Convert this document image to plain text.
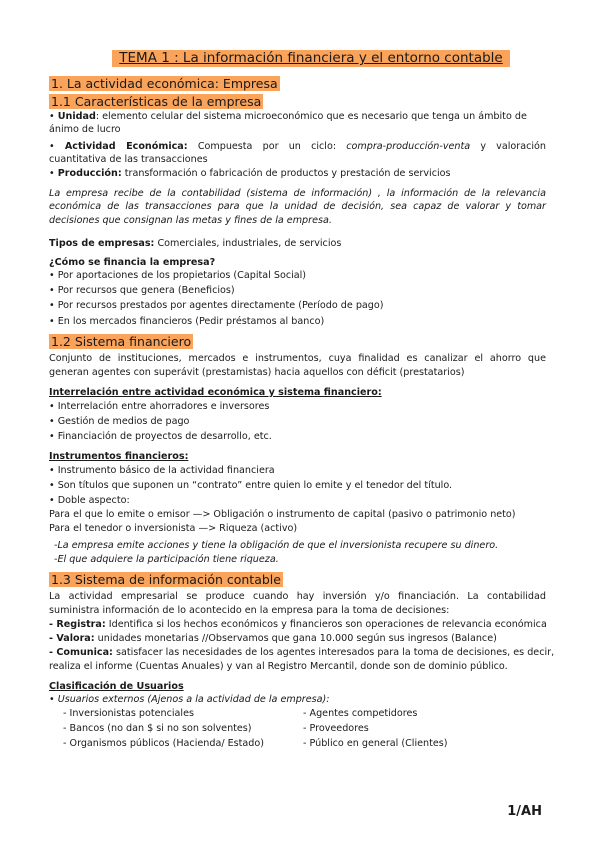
TEMA 1 : La información financiera y el entorno contable
1. La actividad económica: Empresa
1.1 Características de la empresa
• Unidad: elemento celular del sistema microeconómico que es necesario que tenga un ámbito de
ánimo de lucro
• Actividad Económica: Compuesta por un ciclo: compra-producción-venta y valoración
cuantitativa de las transacciones
• Producción: transformación o fabricación de productos y prestación de servicios
La empresa recibe de la contabilidad (sistema de información) , la información de la relevancia
económica de las transacciones para que la unidad de decisión, sea capaz de valorar y tomar
decisiones que consignan las metas y fines de la empresa.
Tipos de empresas: Comerciales, industriales, de servicios
¿Cómo se financia la empresa?
• Por aportaciones de los propietarios (Capital Social)
• Por recursos que genera (Beneficios)
• Por recursos prestados por agentes directamente (Período de pago)
• En los mercados financieros (Pedir préstamos al banco)
1.2 Sistema financiero
Conjunto de instituciones, mercados e instrumentos, cuya finalidad es canalizar el ahorro que
generan agentes con superávit (prestamistas) hacia aquellos con déficit (prestatarios)
Interrelación entre actividad económica y sistema financiero:
• Interrelación entre ahorradores e inversores
• Gestión de medios de pago
• Financiación de proyectos de desarrollo, etc.
Instrumentos financieros:
• Instrumento básico de la actividad financiera
• Son títulos que suponen un “contrato” entre quien lo emite y el tenedor del título.
• Doble aspecto:
Para el que lo emite o emisor —> Obligación o instrumento de capital (pasivo o patrimonio neto)
Para el tenedor o inversionista —> Riqueza (activo)
-La empresa emite acciones y tiene la obligación de que el inversionista recupere su dinero.
-El que adquiere la participación tiene riqueza.
1.3 Sistema de información contable
La actividad empresarial se produce cuando hay inversión y/o financiación. La contabilidad
suministra información de lo acontecido en la empresa para la toma de decisiones:
- Registra: Identifica si los hechos económicos y financieros son operaciones de relevancia económica
- Valora: unidades monetarias //Observamos que gana 10.000 según sus ingresos (Balance)
- Comunica: satisfacer las necesidades de los agentes interesados para la toma de decisiones, es decir,
realiza el informe (Cuentas Anuales) y van al Registro Mercantil, donde son de dominio público.
Clasificación de Usuarios
• Usuarios externos (Ajenos a la actividad de la empresa):
- Inversionistas potenciales
- Bancos (no dan $ si no son solventes)
- Organismos públicos (Hacienda/ Estado)
- Agentes competidores
- Proveedores
- Público en general (Clientes)
1/AH
